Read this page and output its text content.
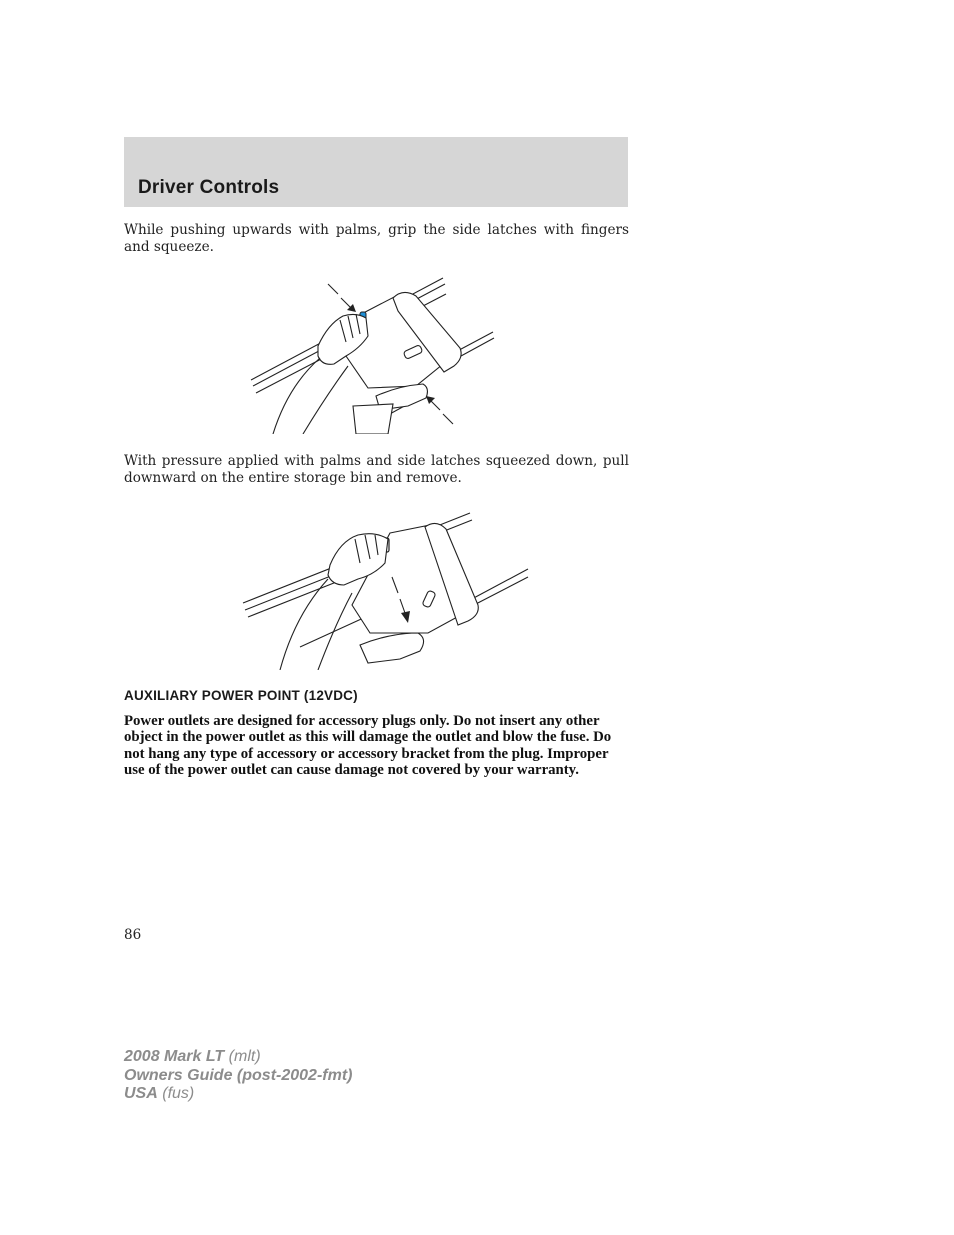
Driver Controls
While pushing upwards with palms, grip the side latches with fingers and squeeze.
With pressure applied with palms and side latches squeezed down, pull downward on the entire storage bin and remove.
AUXILIARY POWER POINT (12VDC)
Power outlets are designed for accessory plugs only. Do not insert any other object in the power outlet as this will damage the outlet and blow the fuse. Do not hang any type of accessory or accessory bracket from the plug. Improper use of the power outlet can cause damage not covered by your warranty.
86
2008 Mark LT (mlt)
Owners Guide (post-2002-fmt)
USA (fus)
